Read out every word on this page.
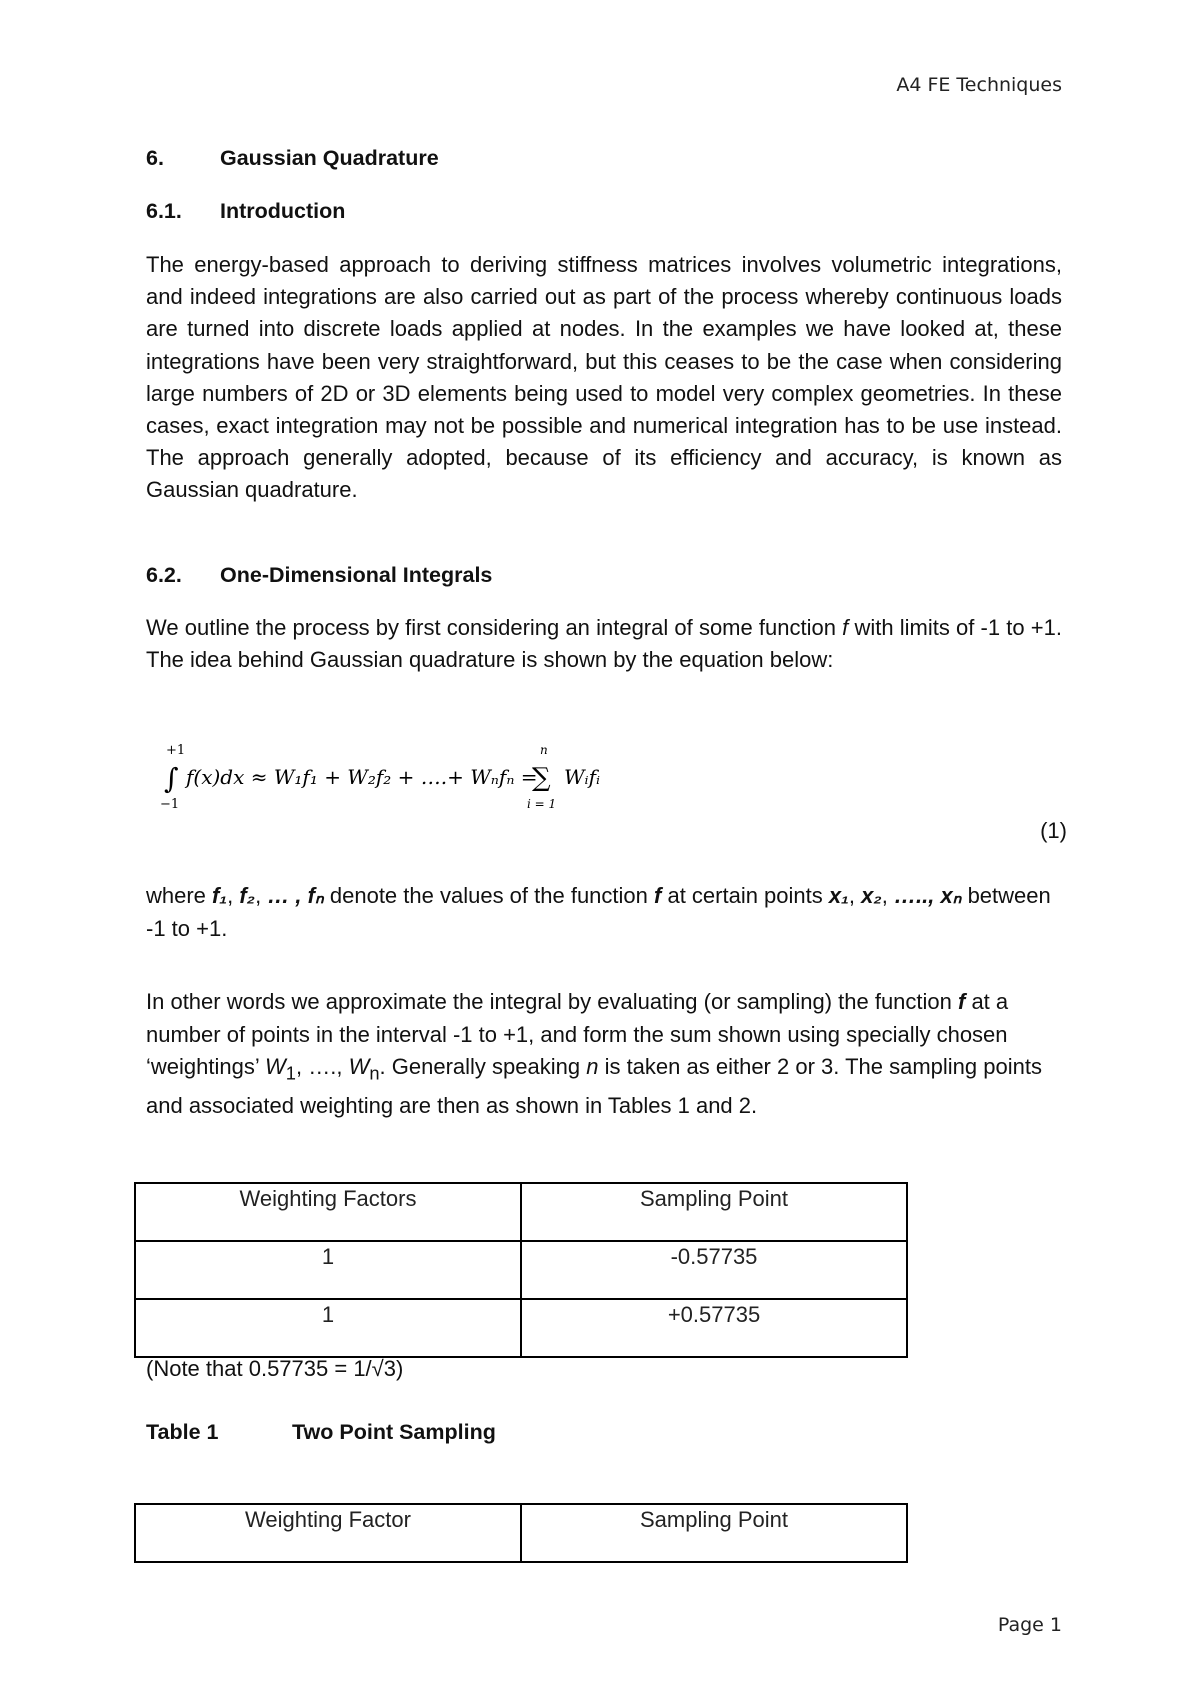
A4 FE Techniques
6.	Gaussian Quadrature
6.1. Introduction
The energy-based approach to deriving stiffness matrices involves volumetric integrations, and indeed integrations are also carried out as part of the process whereby continuous loads are turned into discrete loads applied at nodes. In the examples we have looked at, these integrations have been very straightforward, but this ceases to be the case when considering large numbers of 2D or 3D elements being used to model very complex geometries. In these cases, exact integration may not be possible and numerical integration has to be use instead. The approach generally adopted, because of its efficiency and accuracy, is known as Gaussian quadrature.
6.2. One-Dimensional Integrals
We outline the process by first considering an integral of some function f with limits of -1 to +1. The idea behind Gaussian quadrature is shown by the equation below:
+1
∫
−1
f(x)dx ≈ W₁f₁ + W₂f₂ + ….+ Wₙfₙ =
n
∑
i = 1
Wᵢfᵢ
(1)
where f₁, f₂, … , fₙ denote the values of the function f at certain points x₁, x₂, ….., xₙ between -1 to +1.
In other words we approximate the integral by evaluating (or sampling) the function f at a number of points in the interval -1 to +1, and form the sum shown using specially chosen ‘weightings’ $W_1$, …., $W_n$. Generally speaking n is taken as either 2 or 3. The sampling points and associated weighting are then as shown in Tables 1 and 2.
Weighting Factors	Sampling Point
1	-0.57735
1	+0.57735
(Note that 0.57735 = 1/√3)
Table 1	Two Point Sampling
Weighting Factor	Sampling Point
Page 1
